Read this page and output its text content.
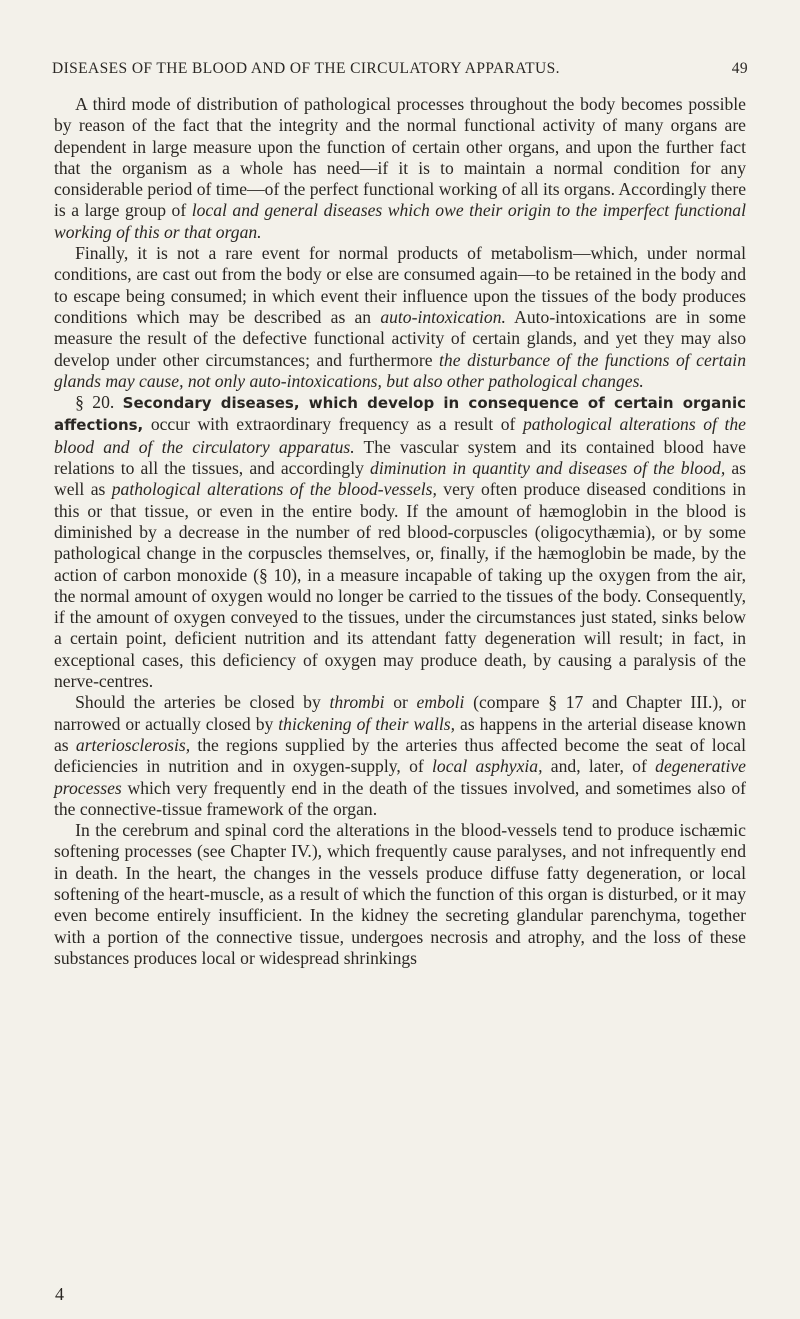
DISEASES OF THE BLOOD AND OF THE CIRCULATORY APPARATUS.	49

A third mode of distribution of pathological processes throughout the body becomes possible by reason of the fact that the integrity and the normal functional activity of many organs are dependent in large measure upon the function of certain other organs, and upon the further fact that the organism as a whole has need—if it is to maintain a normal condition for any considerable period of time—of the perfect functional working of all its organs. Accordingly there is a large group of local and general diseases which owe their origin to the imperfect functional working of this or that organ.

Finally, it is not a rare event for normal products of metabolism—which, under normal conditions, are cast out from the body or else are consumed again—to be retained in the body and to escape being consumed; in which event their influence upon the tissues of the body produces conditions which may be described as an auto-intoxication. Auto-intoxications are in some measure the result of the defective functional activity of certain glands, and yet they may also develop under other circumstances; and furthermore the disturbance of the functions of certain glands may cause, not only auto-intoxications, but also other pathological changes.

§ 20. Secondary diseases, which develop in consequence of certain organic affections, occur with extraordinary frequency as a result of pathological alterations of the blood and of the circulatory apparatus. The vascular system and its contained blood have relations to all the tissues, and accordingly diminution in quantity and diseases of the blood, as well as pathological alterations of the blood-vessels, very often produce diseased conditions in this or that tissue, or even in the entire body. If the amount of hæmoglobin in the blood is diminished by a decrease in the number of red blood-corpuscles (oligocythæmia), or by some pathological change in the corpuscles themselves, or, finally, if the hæmoglobin be made, by the action of carbon monoxide (§ 10), in a measure incapable of taking up the oxygen from the air, the normal amount of oxygen would no longer be carried to the tissues of the body. Consequently, if the amount of oxygen conveyed to the tissues, under the circumstances just stated, sinks below a certain point, deficient nutrition and its attendant fatty degeneration will result; in fact, in exceptional cases, this deficiency of oxygen may produce death, by causing a paralysis of the nerve-centres.

Should the arteries be closed by thrombi or emboli (compare § 17 and Chapter III.), or narrowed or actually closed by thickening of their walls, as happens in the arterial disease known as arteriosclerosis, the regions supplied by the arteries thus affected become the seat of local deficiencies in nutrition and in oxygen-supply, of local asphyxia, and, later, of degenerative processes which very frequently end in the death of the tissues involved, and sometimes also of the connective-tissue framework of the organ.

In the cerebrum and spinal cord the alterations in the blood-vessels tend to produce ischæmic softening processes (see Chapter IV.), which frequently cause paralyses, and not infrequently end in death. In the heart, the changes in the vessels produce diffuse fatty degeneration, or local softening of the heart-muscle, as a result of which the function of this organ is disturbed, or it may even become entirely insufficient. In the kidney the secreting glandular parenchyma, together with a portion of the connective tissue, undergoes necrosis and atrophy, and the loss of these substances produces local or widespread shrinkings

4
